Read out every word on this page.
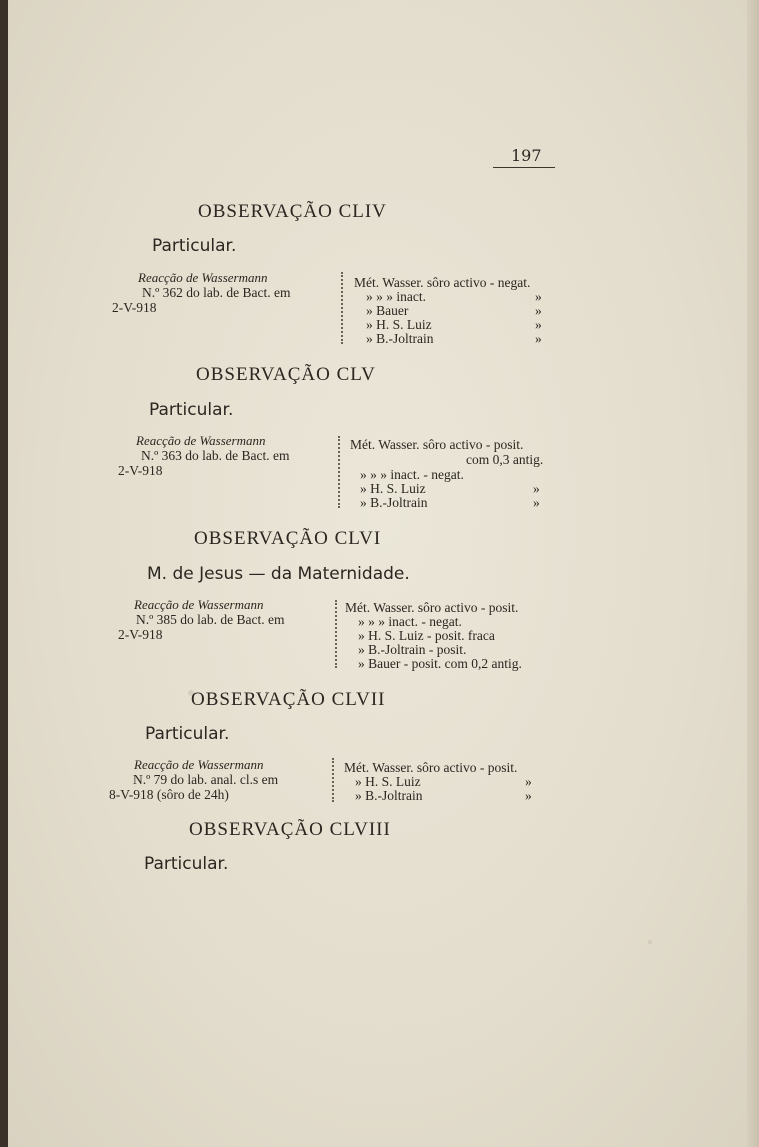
197
OBSERVAÇÃO CLIV
Particular.
Reacção de Wassermann
N.º 362 do lab. de Bact. em
2-V-918
Mét. Wasser. sôro activo - negat.
» » » inact.
» Bauer
» H. S. Luiz
» B.-Joltrain
»
»
»
»
OBSERVAÇÃO CLV
Particular.
Reacção de Wassermann
N.º 363 do lab. de Bact. em
2-V-918
Mét. Wasser. sôro activo - posit.
com 0,3 antig.
» » » inact. - negat.
» H. S. Luiz
» B.-Joltrain
»
»
OBSERVAÇÃO CLVI
M. de Jesus — da Maternidade.
Reacção de Wassermann
N.º 385 do lab. de Bact. em
2-V-918
Mét. Wasser. sôro activo - posit.
» » » inact. - negat.
» H. S. Luiz - posit. fraca
» B.-Joltrain - posit.
» Bauer - posit. com 0,2 antig.
OBSERVAÇÃO CLVII
Particular.
Reacção de Wassermann
N.º 79 do lab. anal. cl.s em
8-V-918 (sôro de 24h)
Mét. Wasser. sôro activo - posit.
» H. S. Luiz
» B.-Joltrain
»
»
OBSERVAÇÃO CLVIII
Particular.
